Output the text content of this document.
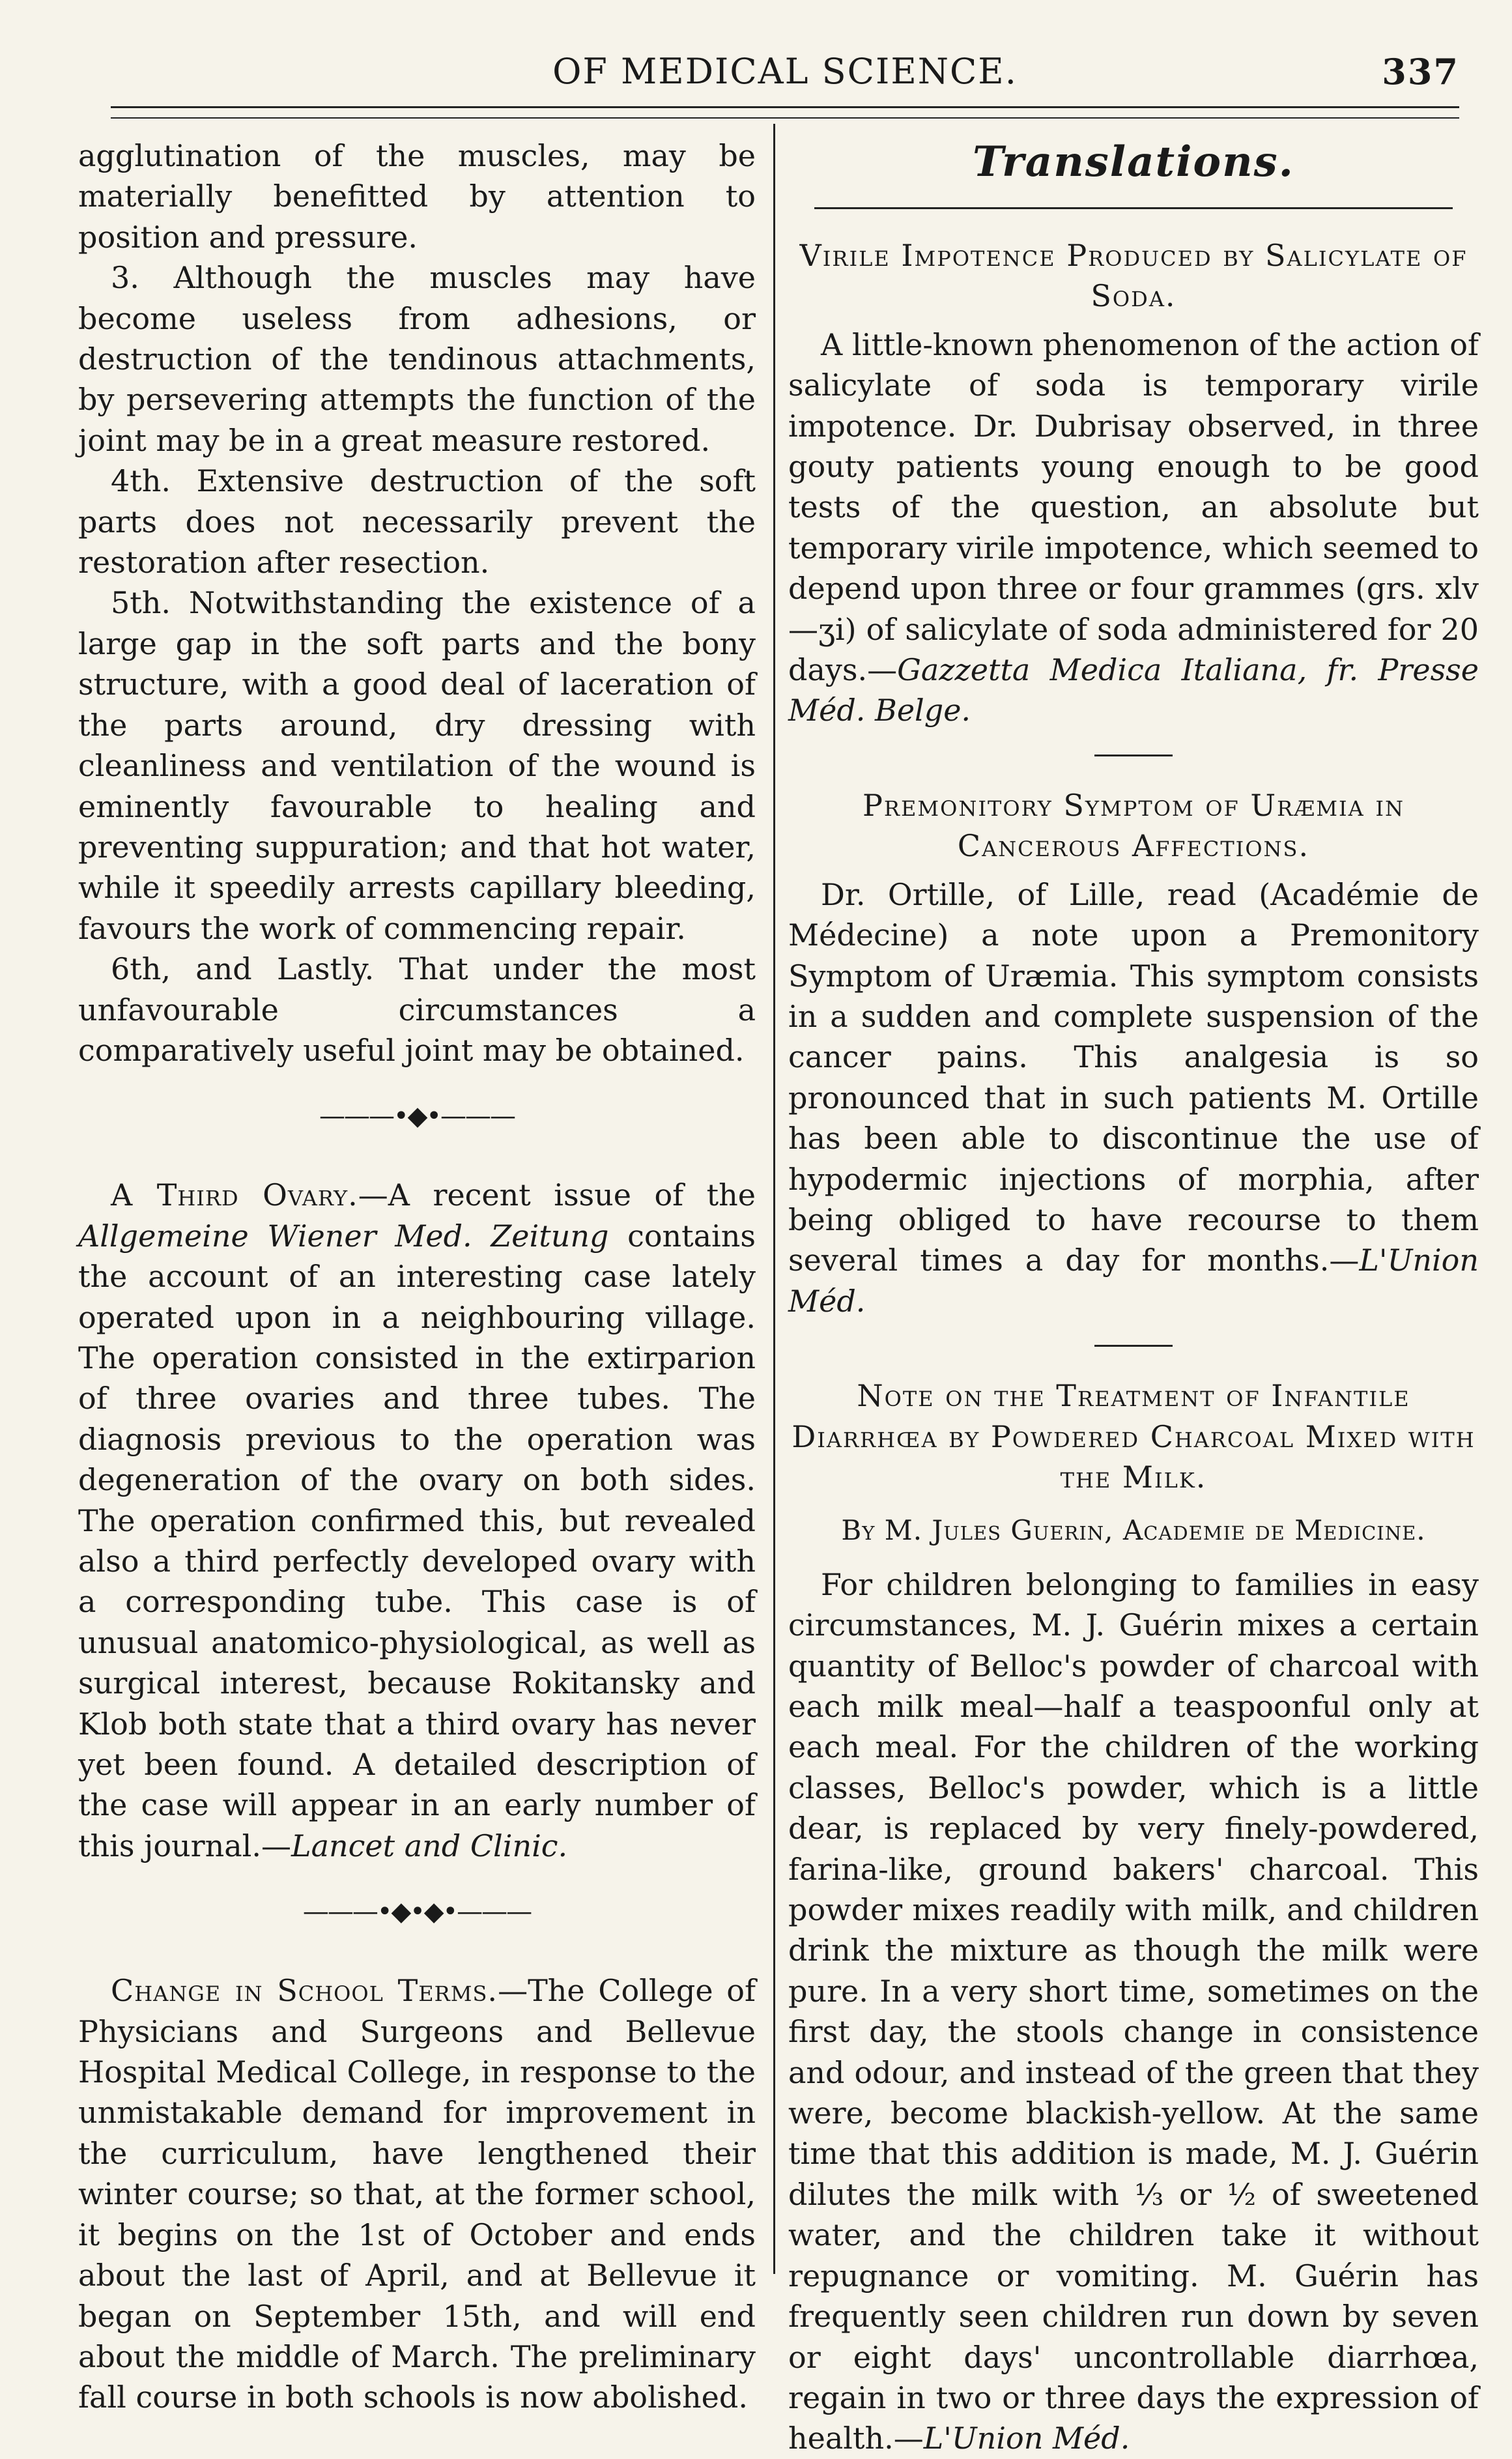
OF MEDICAL SCIENCE.	337

agglutination of the muscles, may be materially benefitted by attention to position and pressure.

3. Although the muscles may have become useless from adhesions, or destruction of the tendinous attachments, by persevering attempts the function of the joint may be in a great measure restored.

4th. Extensive destruction of the soft parts does not necessarily prevent the restoration after resection.

5th. Notwithstanding the existence of a large gap in the soft parts and the bony structure, with a good deal of laceration of the parts around, dry dressing with cleanliness and ventilation of the wound is eminently favourable to healing and preventing suppuration; and that hot water, while it speedily arrests capillary bleeding, favours the work of commencing repair.

6th, and Lastly. That under the most unfavourable circumstances a comparatively useful joint may be obtained.

———•◆•———

A Third Ovary.—A recent issue of the Allgemeine Wiener Med. Zeitung contains the account of an interesting case lately operated upon in a neighbouring village. The operation consisted in the extirparion of three ovaries and three tubes. The diagnosis previous to the operation was degeneration of the ovary on both sides. The operation confirmed this, but revealed also a third perfectly developed ovary with a corresponding tube. This case is of unusual anatomico-physiological, as well as surgical interest, because Rokitansky and Klob both state that a third ovary has never yet been found. A detailed description of the case will appear in an early number of this journal.—Lancet and Clinic.

———•◆•◆•———

Change in School Terms.—The College of Physicians and Surgeons and Bellevue Hospital Medical College, in response to the unmistakable demand for improvement in the curriculum, have lengthened their winter course; so that, at the former school, it begins on the 1st of October and ends about the last of April, and at Bellevue it began on September 15th, and will end about the middle of March. The preliminary fall course in both schools is now abolished.

Translations.
Virile Impotence Produced by Salicylate of Soda.

A little-known phenomenon of the action of salicylate of soda is temporary virile impotence. Dr. Dubrisay observed, in three gouty patients young enough to be good tests of the question, an absolute but temporary virile impotence, which seemed to depend upon three or four grammes (grs. xlv—ʒi) of salicylate of soda administered for 20 days.—Gazzetta Medica Italiana, fr. Presse Méd. Belge.

Premonitory Symptom of Uræmia in Cancerous Affections.

Dr. Ortille, of Lille, read (Académie de Médecine) a note upon a Premonitory Symptom of Uræmia. This symptom consists in a sudden and complete suspension of the cancer pains. This analgesia is so pronounced that in such patients M. Ortille has been able to discontinue the use of hypodermic injections of morphia, after being obliged to have recourse to them several times a day for months.—L'Union Méd.

Note on the Treatment of Infantile Diarrhœa by Powdered Charcoal Mixed with the Milk.
By M. Jules Guerin, Academie de Medicine.

For children belonging to families in easy circumstances, M. J. Guérin mixes a certain quantity of Belloc's powder of charcoal with each milk meal—half a teaspoonful only at each meal. For the children of the working classes, Belloc's powder, which is a little dear, is replaced by very finely-powdered, farina-like, ground bakers' charcoal. This powder mixes readily with milk, and children drink the mixture as though the milk were pure. In a very short time, sometimes on the first day, the stools change in consistence and odour, and instead of the green that they were, become blackish-yellow. At the same time that this addition is made, M. J. Guérin dilutes the milk with ⅓ or ½ of sweetened water, and the children take it without repugnance or vomiting. M. Guérin has frequently seen children run down by seven or eight days' uncontrollable diarrhœa, regain in two or three days the expression of health.—L'Union Méd.
